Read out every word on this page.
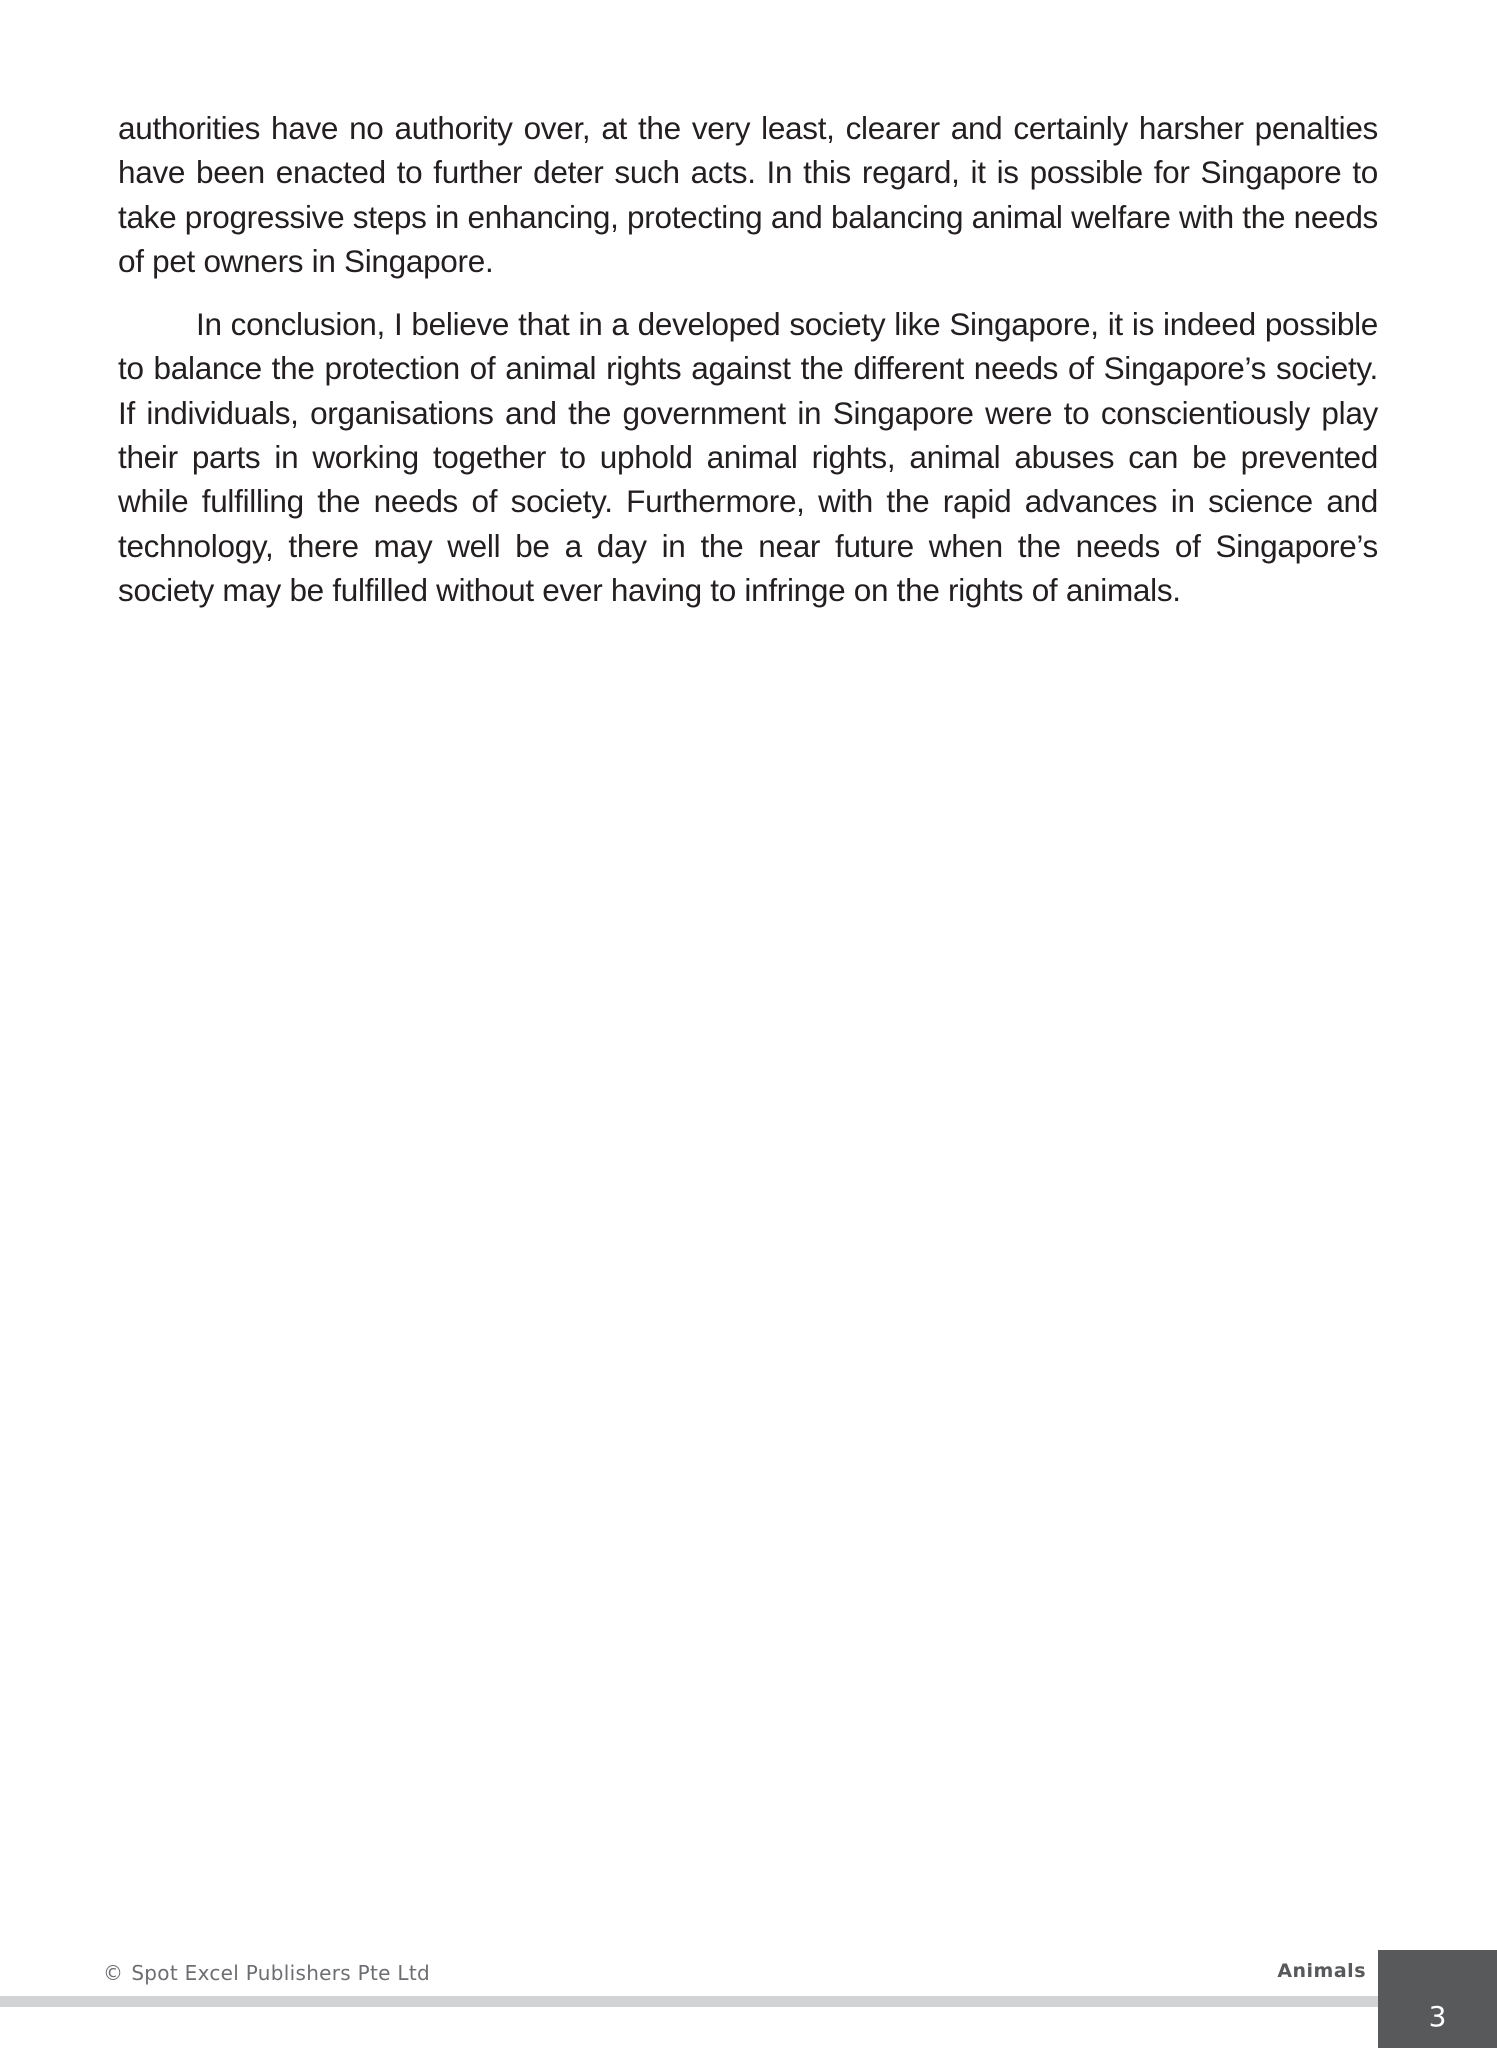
authorities have no authority over, at the very least, clearer and certainly harsher penalties have been enacted to further deter such acts. In this regard, it is possible for Singapore to take progressive steps in enhancing, protecting and balancing animal welfare with the needs of pet owners in Singapore.

In conclusion, I believe that in a developed society like Singapore, it is indeed possible to balance the protection of animal rights against the different needs of Singapore’s society. If individuals, organisations and the government in Singapore were to conscientiously play their parts in working together to uphold animal rights, animal abuses can be prevented while fulfilling the needs of society. Furthermore, with the rapid advances in science and technology, there may well be a day in the near future when the needs of Singapore’s society may be fulfilled without ever having to infringe on the rights of animals.

© Spot Excel Publishers Pte Ltd	Animals
3
